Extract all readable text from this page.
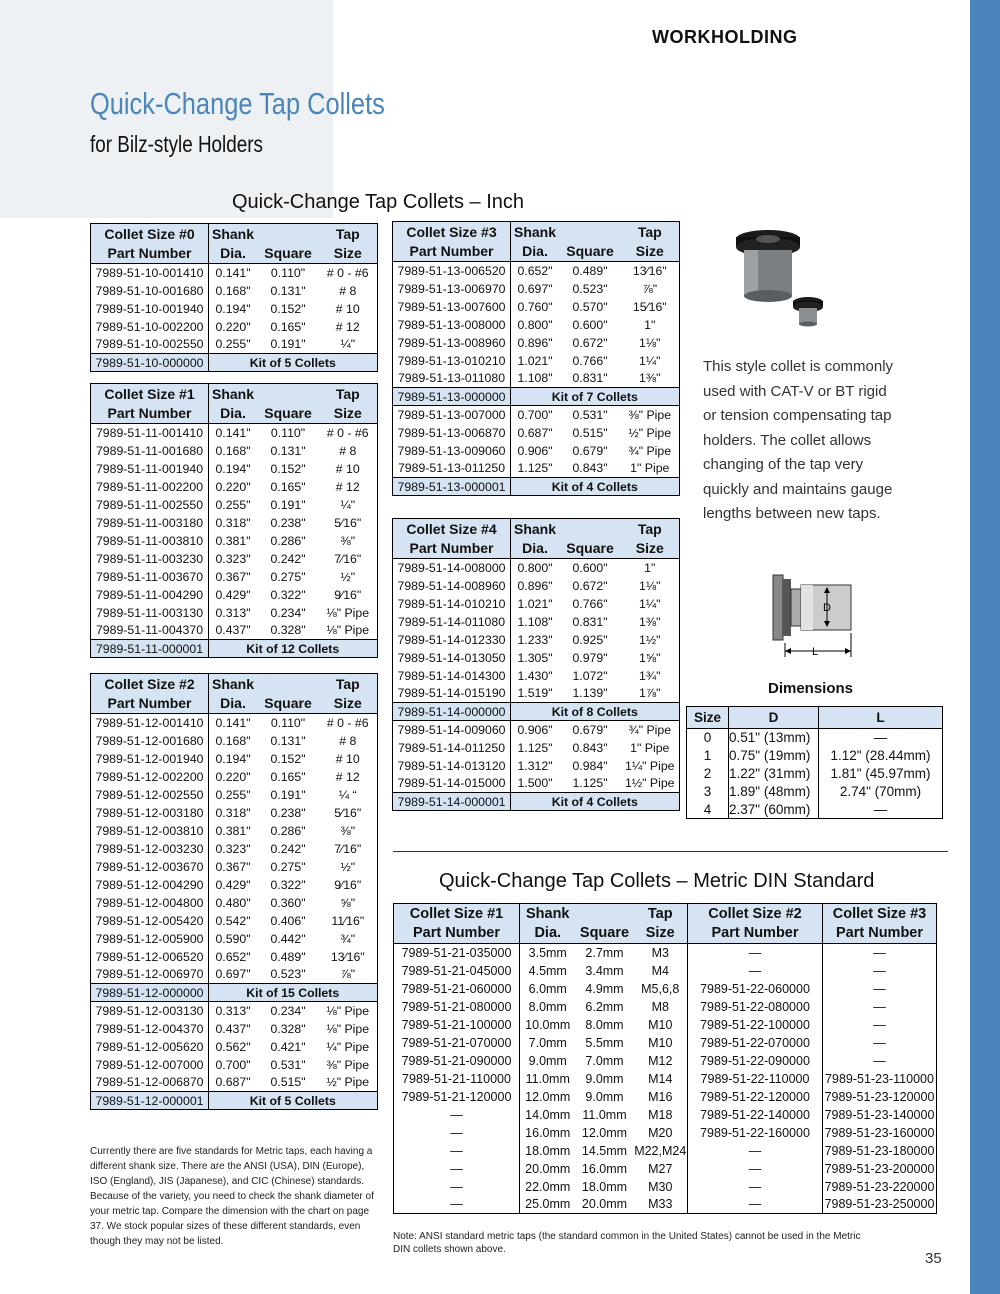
WORKHOLDING
Quick-Change Tap Collets
for Bilz-style Holders
Quick-Change Tap Collets – Inch
Collet Size #0	Shank		Tap
Part Number	Dia.	Square	Size
7989-51-10-001410	0.141"	0.110"	# 0 - #6
7989-51-10-001680	0.168"	0.131"	# 8
7989-51-10-001940	0.194"	0.152"	# 10
7989-51-10-002200	0.220"	0.165"	# 12
7989-51-10-002550	0.255"	0.191"	¼"
7989-51-10-000000	Kit of 5 Collets		
Collet Size #1	Shank		Tap
Part Number	Dia.	Square	Size
7989-51-11-001410	0.141"	0.110"	# 0 - #6
7989-51-11-001680	0.168"	0.131"	# 8
7989-51-11-001940	0.194"	0.152"	# 10
7989-51-11-002200	0.220"	0.165"	# 12
7989-51-11-002550	0.255"	0.191"	¼"
7989-51-11-003180	0.318"	0.238"	5⁄16"
7989-51-11-003810	0.381"	0.286"	⅜"
7989-51-11-003230	0.323"	0.242"	7⁄16"
7989-51-11-003670	0.367"	0.275"	½"
7989-51-11-004290	0.429"	0.322"	9⁄16"
7989-51-11-003130	0.313"	0.234"	⅛" Pipe
7989-51-11-004370	0.437"	0.328"	⅛" Pipe
7989-51-11-000001	Kit of 12 Collets		
Collet Size #2	Shank		Tap
Part Number	Dia.	Square	Size
7989-51-12-001410	0.141"	0.110"	# 0 - #6
7989-51-12-001680	0.168"	0.131"	# 8
7989-51-12-001940	0.194"	0.152"	# 10
7989-51-12-002200	0.220"	0.165"	# 12
7989-51-12-002550	0.255"	0.191"	¼ “
7989-51-12-003180	0.318"	0.238"	5⁄16"
7989-51-12-003810	0.381"	0.286"	⅜"
7989-51-12-003230	0.323"	0.242"	7⁄16"
7989-51-12-003670	0.367"	0.275"	½"
7989-51-12-004290	0.429"	0.322"	9⁄16"
7989-51-12-004800	0.480"	0.360"	⅝"
7989-51-12-005420	0.542"	0.406"	11⁄16"
7989-51-12-005900	0.590"	0.442"	¾"
7989-51-12-006520	0.652"	0.489"	13⁄16"
7989-51-12-006970	0.697"	0.523"	⅞"
7989-51-12-000000	Kit of 15 Collets		
7989-51-12-003130	0.313"	0.234"	⅛" Pipe
7989-51-12-004370	0.437"	0.328"	⅛" Pipe
7989-51-12-005620	0.562"	0.421"	¼" Pipe
7989-51-12-007000	0.700"	0.531"	⅜" Pipe
7989-51-12-006870	0.687"	0.515"	½" Pipe
7989-51-12-000001	Kit of 5 Collets		
Collet Size #3	Shank		Tap
Part Number	Dia.	Square	Size
7989-51-13-006520	0.652"	0.489"	13⁄16"
7989-51-13-006970	0.697"	0.523"	⅞"
7989-51-13-007600	0.760"	0.570"	15⁄16"
7989-51-13-008000	0.800"	0.600"	1"
7989-51-13-008960	0.896"	0.672"	1⅛"
7989-51-13-010210	1.021"	0.766"	1¼"
7989-51-13-011080	1.108"	0.831"	1⅜"
7989-51-13-000000	Kit of 7 Collets		
7989-51-13-007000	0.700"	0.531"	⅜" Pipe
7989-51-13-006870	0.687"	0.515"	½" Pipe
7989-51-13-009060	0.906"	0.679"	¾" Pipe
7989-51-13-011250	1.125"	0.843"	1" Pipe
7989-51-13-000001	Kit of 4 Collets		
Collet Size #4	Shank		Tap
Part Number	Dia.	Square	Size
7989-51-14-008000	0.800"	0.600"	1"
7989-51-14-008960	0.896"	0.672"	1⅛"
7989-51-14-010210	1.021"	0.766"	1¼"
7989-51-14-011080	1.108"	0.831"	1⅜"
7989-51-14-012330	1.233"	0.925"	1½"
7989-51-14-013050	1.305"	0.979"	1⅝"
7989-51-14-014300	1.430"	1.072"	1¾"
7989-51-14-015190	1.519"	1.139"	1⅞"
7989-51-14-000000	Kit of 8 Collets		
7989-51-14-009060	0.906"	0.679"	¾" Pipe
7989-51-14-011250	1.125"	0.843"	1" Pipe
7989-51-14-013120	1.312"	0.984"	1¼" Pipe
7989-51-14-015000	1.500"	1.125"	1½" Pipe
7989-51-14-000001	Kit of 4 Collets		
This style collet is commonly used with CAT-V or BT rigid or tension compensating tap holders. The collet allows changing of the tap very quickly and maintains gauge lengths between new taps.
D
L
Dimensions
Size	D	L
0	0.51" (13mm)	—
1	0.75" (19mm)	1.12" (28.44mm)
2	1.22" (31mm)	1.81" (45.97mm)
3	1.89" (48mm)	2.74" (70mm)
4	2.37" (60mm)	—
Quick-Change Tap Collets – Metric DIN Standard
Collet Size #1	Shank		Tap	Collet Size #2	Collet Size #3
Part Number	Dia.	Square	Size	Part Number	Part Number
7989-51-21-035000	3.5mm	2.7mm	M3	—	—
7989-51-21-045000	4.5mm	3.4mm	M4	—	—
7989-51-21-060000	6.0mm	4.9mm	M5,6,8	7989-51-22-060000	—
7989-51-21-080000	8.0mm	6.2mm	M8	7989-51-22-080000	—
7989-51-21-100000	10.0mm	8.0mm	M10	7989-51-22-100000	—
7989-51-21-070000	7.0mm	5.5mm	M10	7989-51-22-070000	—
7989-51-21-090000	9.0mm	7.0mm	M12	7989-51-22-090000	—
7989-51-21-110000	11.0mm	9.0mm	M14	7989-51-22-110000	7989-51-23-110000
7989-51-21-120000	12.0mm	9.0mm	M16	7989-51-22-120000	7989-51-23-120000
—	14.0mm	11.0mm	M18	7989-51-22-140000	7989-51-23-140000
—	16.0mm	12.0mm	M20	7989-51-22-160000	7989-51-23-160000
—	18.0mm	14.5mm	M22,M24	—	7989-51-23-180000
—	20.0mm	16.0mm	M27	—	7989-51-23-200000
—	22.0mm	18.0mm	M30	—	7989-51-23-220000
—	25.0mm	20.0mm	M33	—	7989-51-23-250000
Currently there are five standards for Metric taps, each having a different shank size. There are the ANSI (USA), DIN (Europe), ISO (England), JIS (Japanese), and CIC (Chinese) standards. Because of the variety, you need to check the shank diameter of your metric tap. Compare the dimension with the chart on page 37. We stock popular sizes of these different standards, even though they may not be listed.	Note: ANSI standard metric taps (the standard common in the United States) cannot be used in the Metric DIN collets shown above.
35
